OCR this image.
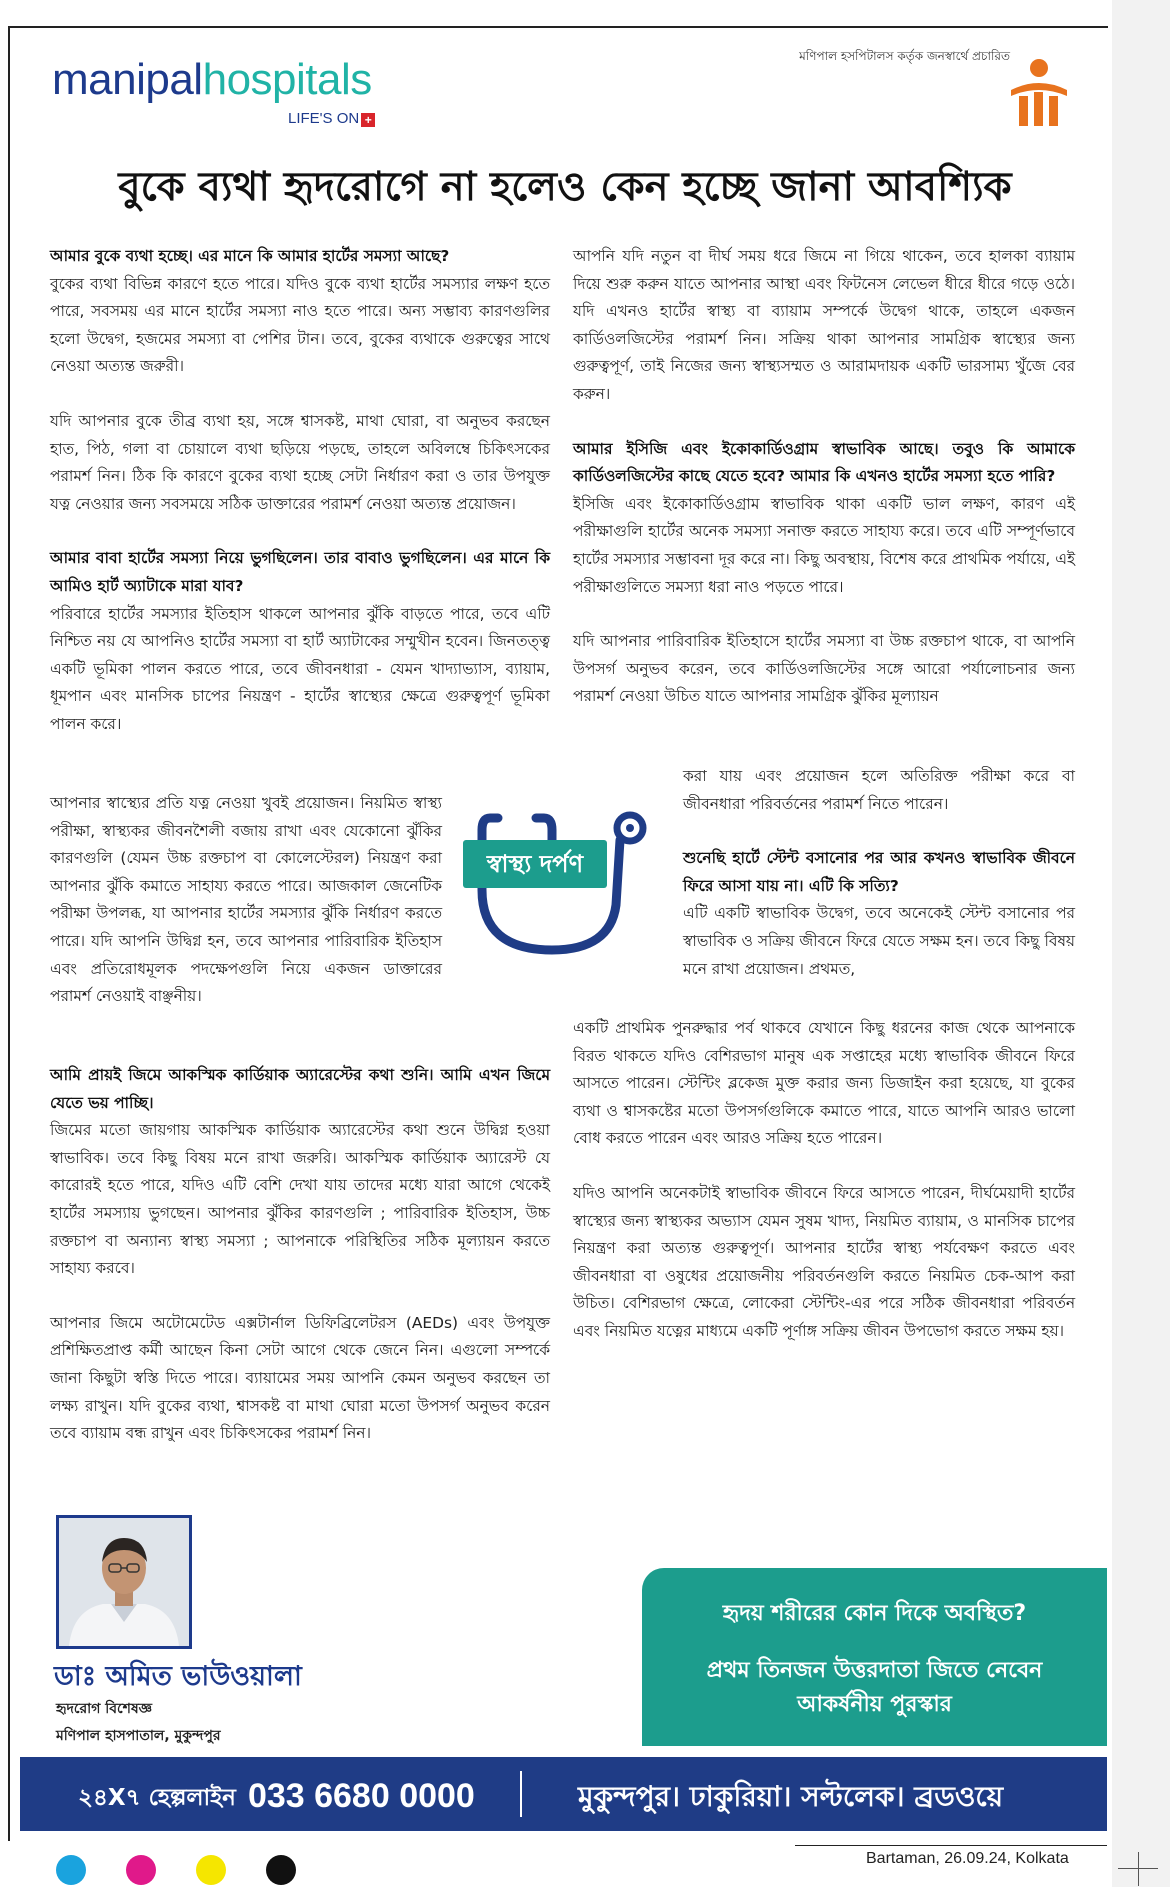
manipalhospitals
LIFE'S ON +
মণিপাল হসপিটালস কর্তৃক জনস্বার্থে প্রচারিত
বুকে ব্যথা হৃদরোগে না হলেও কেন হচ্ছে জানা আবশ্যিক

আমার বুকে ব্যথা হচ্ছে। এর মানে কি আমার হার্টের সমস্যা আছে?
বুকের ব্যথা বিভিন্ন কারণে হতে পারে। যদিও বুকে ব্যথা হার্টের সমস্যার লক্ষণ হতে পারে, সবসময় এর মানে হার্টের সমস্যা নাও হতে পারে। অন্য সম্ভাব্য কারণগুলির হলো উদ্বেগ, হজমের সমস্যা বা পেশির টান। তবে, বুকের ব্যথাকে গুরুত্বের সাথে নেওয়া অত্যন্ত জরুরী।

যদি আপনার বুকে তীব্র ব্যথা হয়, সঙ্গে শ্বাসকষ্ট, মাথা ঘোরা, বা অনুভব করছেন হাত, পিঠ, গলা বা চোয়ালে ব্যথা ছড়িয়ে পড়ছে, তাহলে অবিলম্বে চিকিৎসকের পরামর্শ নিন। ঠিক কি কারণে বুকের ব্যথা হচ্ছে সেটা নির্ধারণ করা ও তার উপযুক্ত যত্ন নেওয়ার জন্য সবসময়ে সঠিক ডাক্তারের পরামর্শ নেওয়া অত্যন্ত প্রয়োজন।

আমার বাবা হার্টের সমস্যা নিয়ে ভুগছিলেন। তার বাবাও ভুগছিলেন। এর মানে কি আমিও হার্ট অ্যাটাকে মারা যাব?
পরিবারে হার্টের সমস্যার ইতিহাস থাকলে আপনার ঝুঁকি বাড়তে পারে, তবে এটি নিশ্চিত নয় যে আপনিও হার্টের সমস্যা বা হার্ট অ্যাটাকের সম্মুখীন হবেন। জিনতত্ত্ব একটি ভূমিকা পালন করতে পারে, তবে জীবনধারা - যেমন খাদ্যাভ্যাস, ব্যায়াম, ধূমপান এবং মানসিক চাপের নিয়ন্ত্রণ - হার্টের স্বাস্থ্যের ক্ষেত্রে গুরুত্বপূর্ণ ভূমিকা পালন করে।

আপনার স্বাস্থ্যের প্রতি যত্ন নেওয়া খুবই প্রয়োজন। নিয়মিত স্বাস্থ্য পরীক্ষা, স্বাস্থ্যকর জীবনশৈলী বজায় রাখা এবং যেকোনো ঝুঁকির কারণগুলি (যেমন উচ্চ রক্তচাপ বা কোলেস্টেরল) নিয়ন্ত্রণ করা আপনার ঝুঁকি কমাতে সাহায্য করতে পারে। আজকাল জেনেটিক পরীক্ষা উপলব্ধ, যা আপনার হার্টের সমস্যার ঝুঁকি নির্ধারণ করতে পারে। যদি আপনি উদ্বিগ্ন হন, তবে আপনার পারিবারিক ইতিহাস এবং প্রতিরোধমূলক পদক্ষেপগুলি নিয়ে একজন ডাক্তারের পরামর্শ নেওয়াই বাঞ্ছনীয়।

স্বাস্থ্য দর্পণ

আমি প্রায়ই জিমে আকস্মিক কার্ডিয়াক অ্যারেস্টের কথা শুনি। আমি এখন জিমে যেতে ভয় পাচ্ছি।
জিমের মতো জায়গায় আকস্মিক কার্ডিয়াক অ্যারেস্টের কথা শুনে উদ্বিগ্ন হওয়া স্বাভাবিক। তবে কিছু বিষয় মনে রাখা জরুরি। আকস্মিক কার্ডিয়াক অ্যারেস্ট যে কারোরই হতে পারে, যদিও এটি বেশি দেখা যায় তাদের মধ্যে যারা আগে থেকেই হার্টের সমস্যায় ভুগছেন। আপনার ঝুঁকির কারণগুলি ; পারিবারিক ইতিহাস, উচ্চ রক্তচাপ বা অন্যান্য স্বাস্থ্য সমস্যা ; আপনাকে পরিস্থিতির সঠিক মূল্যায়ন করতে সাহায্য করবে।

আপনার জিমে অটোমেটেড এক্সটার্নাল ডিফিব্রিলেটরস (AEDs) এবং উপযুক্ত প্রশিক্ষিতপ্রাপ্ত কর্মী আছেন কিনা সেটা আগে থেকে জেনে নিন। এগুলো সম্পর্কে জানা কিছুটা স্বস্তি দিতে পারে। ব্যায়ামের সময় আপনি কেমন অনুভব করছেন তা লক্ষ্য রাখুন। যদি বুকের ব্যথা, শ্বাসকষ্ট বা মাথা ঘোরা মতো উপসর্গ অনুভব করেন তবে ব্যায়াম বন্ধ রাখুন এবং চিকিৎসকের পরামর্শ নিন।

আপনি যদি নতুন বা দীর্ঘ সময় ধরে জিমে না গিয়ে থাকেন, তবে হালকা ব্যায়াম দিয়ে শুরু করুন যাতে আপনার আস্থা এবং ফিটনেস লেভেল ধীরে ধীরে গড়ে ওঠে। যদি এখনও হার্টের স্বাস্থ্য বা ব্যায়াম সম্পর্কে উদ্বেগ থাকে, তাহলে একজন কার্ডিওলজিস্টের পরামর্শ নিন। সক্রিয় থাকা আপনার সামগ্রিক স্বাস্থ্যের জন্য গুরুত্বপূর্ণ, তাই নিজের জন্য স্বাস্থ্যসম্মত ও আরামদায়ক একটি ভারসাম্য খুঁজে বের করুন।

আমার ইসিজি এবং ইকোকার্ডিওগ্রাম স্বাভাবিক আছে। তবুও কি আমাকে কার্ডিওলজিস্টের কাছে যেতে হবে? আমার কি এখনও হার্টের সমস্যা হতে পারি?
ইসিজি এবং ইকোকার্ডিওগ্রাম স্বাভাবিক থাকা একটি ভাল লক্ষণ, কারণ এই পরীক্ষাগুলি হার্টের অনেক সমস্যা সনাক্ত করতে সাহায্য করে। তবে এটি সম্পূর্ণভাবে হার্টের সমস্যার সম্ভাবনা দূর করে না। কিছু অবস্থায়, বিশেষ করে প্রাথমিক পর্যায়ে, এই পরীক্ষাগুলিতে সমস্যা ধরা নাও পড়তে পারে।

যদি আপনার পারিবারিক ইতিহাসে হার্টের সমস্যা বা উচ্চ রক্তচাপ থাকে, বা আপনি উপসর্গ অনুভব করেন, তবে কার্ডিওলজিস্টের সঙ্গে আরো পর্যালোচনার জন্য পরামর্শ নেওয়া উচিত যাতে আপনার সামগ্রিক ঝুঁকির মূল্যায়ন

করা যায় এবং প্রয়োজন হলে অতিরিক্ত পরীক্ষা করে বা জীবনধারা পরিবর্তনের পরামর্শ নিতে পারেন।

শুনেছি হার্টে স্টেন্ট বসানোর পর আর কখনও স্বাভাবিক জীবনে ফিরে আসা যায় না। এটি কি সত্যি?
এটি একটি স্বাভাবিক উদ্বেগ, তবে অনেকেই স্টেন্ট বসানোর পর স্বাভাবিক ও সক্রিয় জীবনে ফিরে যেতে সক্ষম হন। তবে কিছু বিষয় মনে রাখা প্রয়োজন। প্রথমত,

একটি প্রাথমিক পুনরুদ্ধার পর্ব থাকবে যেখানে কিছু ধরনের কাজ থেকে আপনাকে বিরত থাকতে যদিও বেশিরভাগ মানুষ এক সপ্তাহের মধ্যে স্বাভাবিক জীবনে ফিরে আসতে পারেন। স্টেন্টিং ব্লকেজ মুক্ত করার জন্য ডিজাইন করা হয়েছে, যা বুকের ব্যথা ও শ্বাসকষ্টের মতো উপসর্গগুলিকে কমাতে পারে, যাতে আপনি আরও ভালো বোধ করতে পারেন এবং আরও সক্রিয় হতে পারেন।

যদিও আপনি অনেকটাই স্বাভাবিক জীবনে ফিরে আসতে পারেন, দীর্ঘমেয়াদী হার্টের স্বাস্থ্যের জন্য স্বাস্থ্যকর অভ্যাস যেমন সুষম খাদ্য, নিয়মিত ব্যায়াম, ও মানসিক চাপের নিয়ন্ত্রণ করা অত্যন্ত গুরুত্বপূর্ণ। আপনার হার্টের স্বাস্থ্য পর্যবেক্ষণ করতে এবং জীবনধারা বা ওষুধের প্রয়োজনীয় পরিবর্তনগুলি করতে নিয়মিত চেক-আপ করা উচিত। বেশিরভাগ ক্ষেত্রে, লোকেরা স্টেন্টিং-এর পরে সঠিক জীবনধারা পরিবর্তন এবং নিয়মিত যত্নের মাধ্যমে একটি পূর্ণাঙ্গ সক্রিয় জীবন উপভোগ করতে সক্ষম হয়।

ডাঃ অমিত ভাউওয়ালা
হৃদরোগ বিশেষজ্ঞ
মণিপাল হাসপাতাল, মুকুন্দপুর
হৃদয় শরীরের কোন দিকে অবস্থিত?
প্রথম তিনজন উত্তরদাতা জিতে নেবেন আকর্ষনীয় পুরস্কার
২৪X৭ হেল্পলাইন 033 6680 0000	মুকুন্দপুর। ঢাকুরিয়া। সল্টলেক। ব্রডওয়ে
Bartaman, 26.09.24, Kolkata
